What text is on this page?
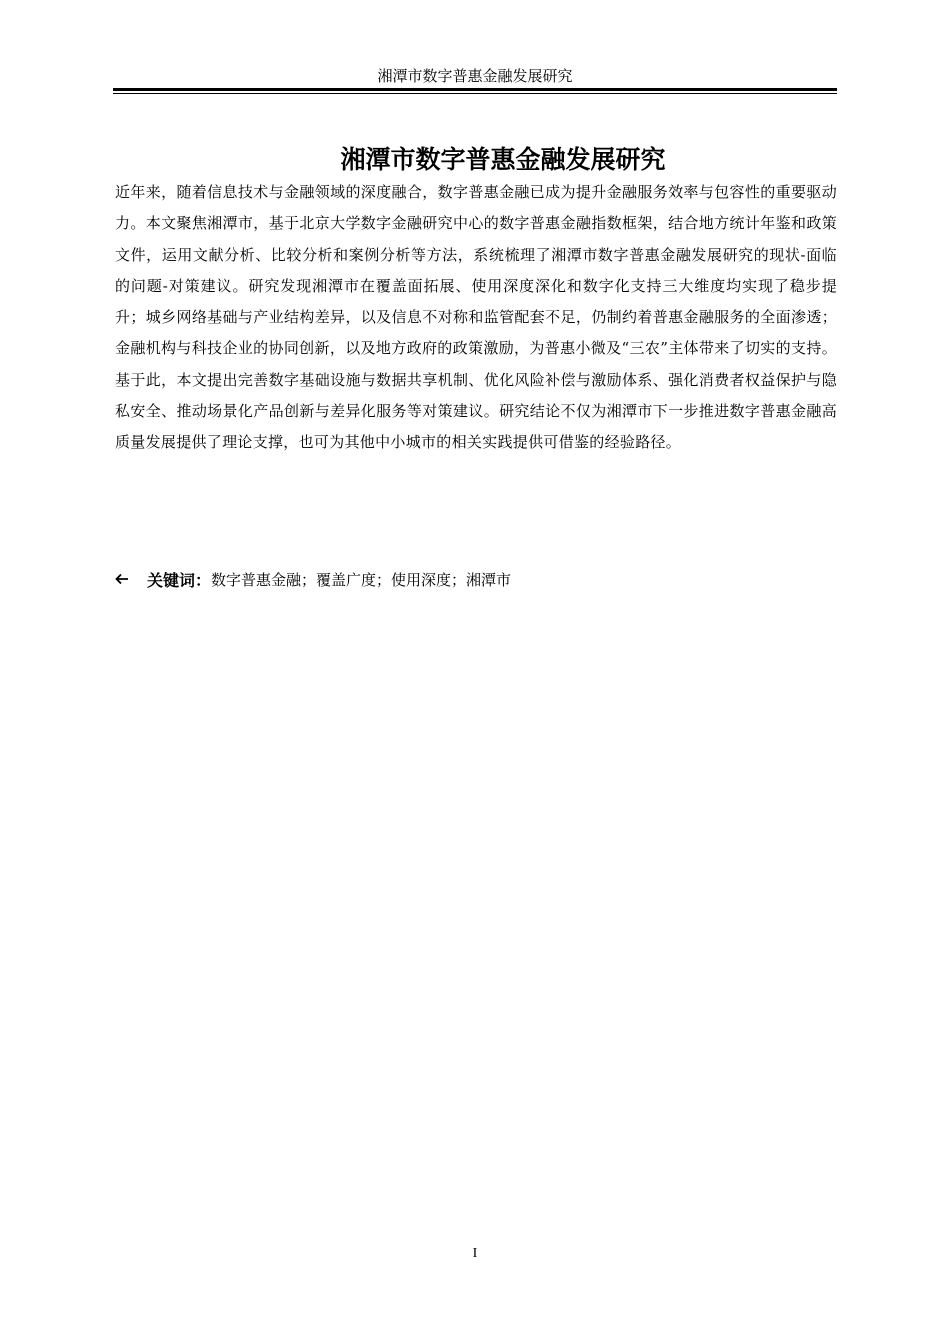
湘潭市数字普惠金融发展研究
湘潭市数字普惠金融发展研究
近年来，随着信息技术与金融领域的深度融合，数字普惠金融已成为提升金融服务效率与包容性的重要驱动力。本文聚焦湘潭市，基于北京大学数字金融研究中心的数字普惠金融指数框架，结合地方统计年鉴和政策文件，运用文献分析、比较分析和案例分析等方法，系统梳理了湘潭市数字普惠金融发展研究的现状-面临的问题-对策建议。研究发现湘潭市在覆盖面拓展、使用深度深化和数字化支持三大维度均实现了稳步提升；城乡网络基础与产业结构差异，以及信息不对称和监管配套不足，仍制约着普惠金融服务的全面渗透；金融机构与科技企业的协同创新，以及地方政府的政策激励，为普惠小微及“三农”主体带来了切实的支持。基于此，本文提出完善数字基础设施与数据共享机制、优化风险补偿与激励体系、强化消费者权益保护与隐私安全、推动场景化产品创新与差异化服务等对策建议。研究结论不仅为湘潭市下一步推进数字普惠金融高质量发展提供了理论支撑，也可为其他中小城市的相关实践提供可借鉴的经验路径。
关键词： 数字普惠金融；覆盖广度；使用深度；湘潭市
I
